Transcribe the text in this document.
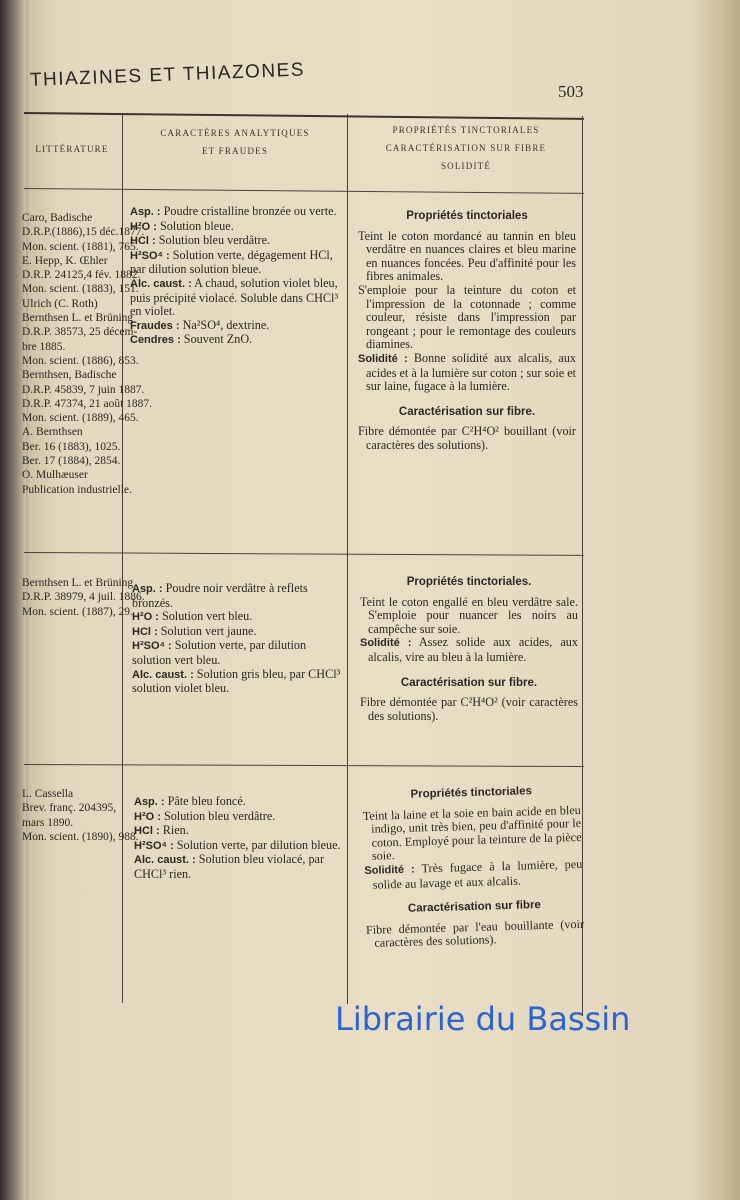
THIAZINES ET THIAZONES
503
LITTÉRATURE
CARACTÈRES ANALYTIQUES
ET FRAUDES
PROPRIÉTÉS TINCTORIALES
CARACTÉRISATION SUR FIBRE
SOLIDITÉ
Caro, Badische
D.R.P.(1886),15 déc.1877.
Mon. scient. (1881), 765.
E. Hepp, K. Œhler
D.R.P. 24125,4 fév. 1882.
Mon. scient. (1883), 151.
Ulrich (C. Roth)
Bernthsen L. et Brüning
D.R.P. 38573, 25 décem-
bre 1885.
Mon. scient. (1886), 853.
Bernthsen, Badische
D.R.P. 45839, 7 juin 1887.
D.R.P. 47374, 21 août 1887.
Mon. scient. (1889), 465.
A. Bernthsen
Ber. 16 (1883), 1025.
Ber. 17 (1884), 2854.
O. Mulhæuser
Publication industrielle.
Asp. : Poudre cristalline bronzée ou verte.
H²O : Solution bleue.
HCl : Solution bleu verdâtre.
H²SO⁴ : Solution verte, dégagement HCl, par dilution solution bleue.
Alc. caust. : A chaud, solution violet bleu, puis précipité violacé. Soluble dans CHCl³ en violet.
Fraudes : Na²SO⁴, dextrine.
Cendres : Souvent ZnO.
Propriétés tinctoriales

Teint le coton mordancé au tannin en bleu verdâtre en nuances claires et bleu marine en nuances foncées. Peu d'affinité pour les fibres animales.

S'emploie pour la teinture du coton et l'impression de la cotonnade ; comme couleur, résiste dans l'impression par rongeant ; pour le remontage des couleurs diamines.

Solidité : Bonne solidité aux alcalis, aux acides et à la lumière sur coton ; sur soie et sur laine, fugace à la lumière.

Caractérisation sur fibre.

Fibre démontée par C²H⁴O² bouillant (voir caractères des solutions).

Bernthsen L. et Brüning
D.R.P. 38979, 4 juil. 1886.
Mon. scient. (1887), 29.
Asp. : Poudre noir verdâtre à reflets bronzés.
H²O : Solution vert bleu.
HCl : Solution vert jaune.
H²SO⁴ : Solution verte, par dilution solution vert bleu.
Alc. caust. : Solution gris bleu, par CHCl³ solution violet bleu.
Propriétés tinctoriales.

Teint le coton engallé en bleu verdâtre sale. S'emploie pour nuancer les noirs au campêche sur soie.

Solidité : Assez solide aux acides, aux alcalis, vire au bleu à la lumière.

Caractérisation sur fibre.

Fibre démontée par C²H⁴O² (voir caractères des solutions).

L. Cassella
Brev. franç. 204395,
mars 1890.
Mon. scient. (1890), 988.
Asp. : Pâte bleu foncé.
H²O : Solution bleu verdâtre.
HCl : Rien.
H²SO⁴ : Solution verte, par dilution bleue.
Alc. caust. : Solution bleu violacé, par CHCl³ rien.
Propriétés tinctoriales

Teint la laine et la soie en bain acide en bleu indigo, unit très bien, peu d'affinité pour le coton. Employé pour la teinture de la pièce soie.

Solidité : Très fugace à la lumière, peu solide au lavage et aux alcalis.

Caractérisation sur fibre

Fibre démontée par l'eau bouillante (voir caractères des solutions).

Librairie du Bassin
